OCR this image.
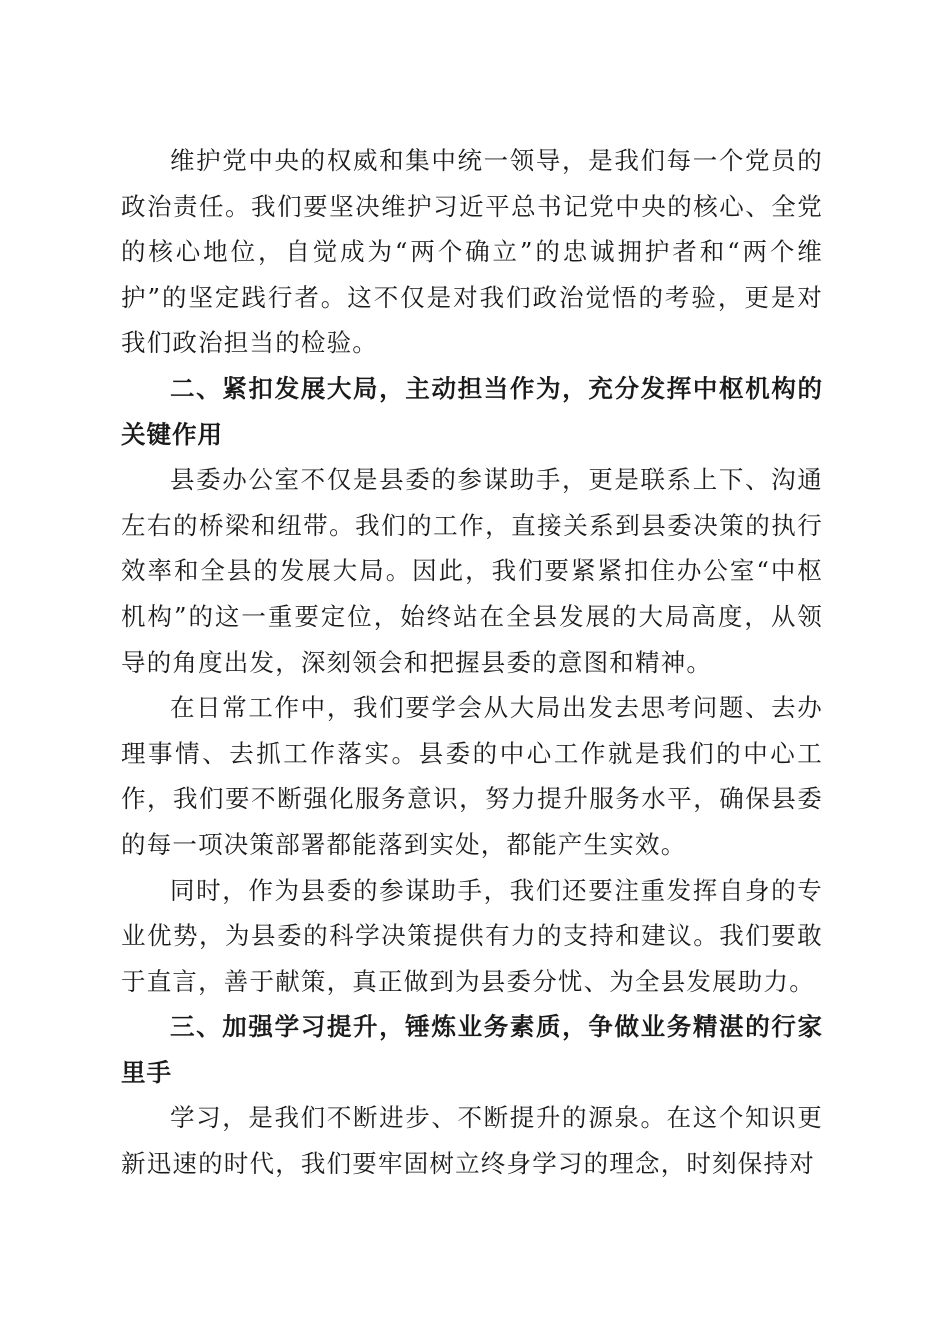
维护党中央的权威和集中统一领导，是我们每一个党员的政治责任。我们要坚决维护习近平总书记党中央的核心、全党的核心地位，自觉成为“两个确立”的忠诚拥护者和“两个维护”的坚定践行者。这不仅是对我们政治觉悟的考验，更是对我们政治担当的检验。

二、紧扣发展大局，主动担当作为，充分发挥中枢机构的关键作用

县委办公室不仅是县委的参谋助手，更是联系上下、沟通左右的桥梁和纽带。我们的工作，直接关系到县委决策的执行效率和全县的发展大局。因此，我们要紧紧扣住办公室“中枢机构”的这一重要定位，始终站在全县发展的大局高度，从领导的角度出发，深刻领会和把握县委的意图和精神。

在日常工作中，我们要学会从大局出发去思考问题、去办理事情、去抓工作落实。县委的中心工作就是我们的中心工作，我们要不断强化服务意识，努力提升服务水平，确保县委的每一项决策部署都能落到实处，都能产生实效。

同时，作为县委的参谋助手，我们还要注重发挥自身的专业优势，为县委的科学决策提供有力的支持和建议。我们要敢于直言，善于献策，真正做到为县委分忧、为全县发展助力。

三、加强学习提升，锤炼业务素质，争做业务精湛的行家里手

学习，是我们不断进步、不断提升的源泉。在这个知识更新迅速的时代，我们要牢固树立终身学习的理念，时刻保持对
